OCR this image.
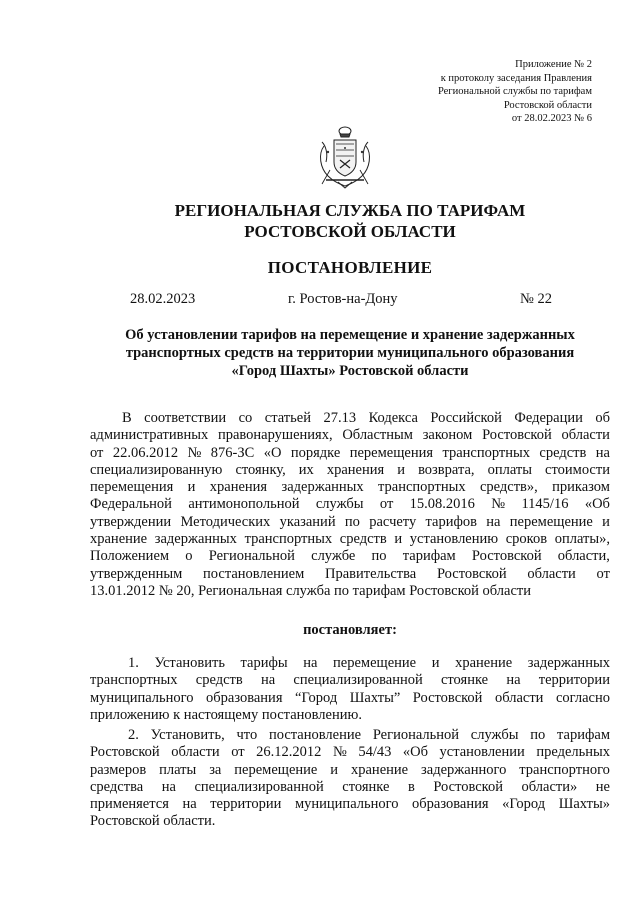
Приложение № 2
к протоколу заседания Правления
Региональной службы по тарифам
Ростовской области
от 28.02.2023 № 6
РЕГИОНАЛЬНАЯ СЛУЖБА ПО ТАРИФАМ
РОСТОВСКОЙ ОБЛАСТИ
ПОСТАНОВЛЕНИЕ
28.02.2023	г. Ростов-на-Дону	№ 22
Об установлении тарифов на перемещение и хранение задержанных
транспортных средств на территории муниципального образования
«Город Шахты» Ростовской области
В соответствии со статьей 27.13 Кодекса Российской Федерации об
административных правонарушениях, Областным законом Ростовской области
от 22.06.2012 № 876-ЗС «О порядке перемещения транспортных средств на
специализированную стоянку, их хранения и возврата, оплаты стоимости
перемещения и хранения задержанных транспортных средств», приказом
Федеральной антимонопольной службы от 15.08.2016 № 1145/16 «Об
утверждении Методических указаний по расчету тарифов на перемещение и
хранение задержанных транспортных средств и установлению сроков оплаты»,
Положением о Региональной службе по тарифам Ростовской области,
утвержденным постановлением Правительства Ростовской области от
13.01.2012 № 20, Региональная служба по тарифам Ростовской области
постановляет:
1. Установить тарифы на перемещение и хранение задержанных
транспортных средств на специализированной стоянке на территории
муниципального образования “Город Шахты” Ростовской области согласно
приложению к настоящему постановлению.
2. Установить, что постановление Региональной службы по тарифам
Ростовской области от 26.12.2012 № 54/43 «Об установлении предельных
размеров платы за перемещение и хранение задержанного транспортного
средства на специализированной стоянке в Ростовской области» не
применяется на территории муниципального образования «Город Шахты»
Ростовской области.
